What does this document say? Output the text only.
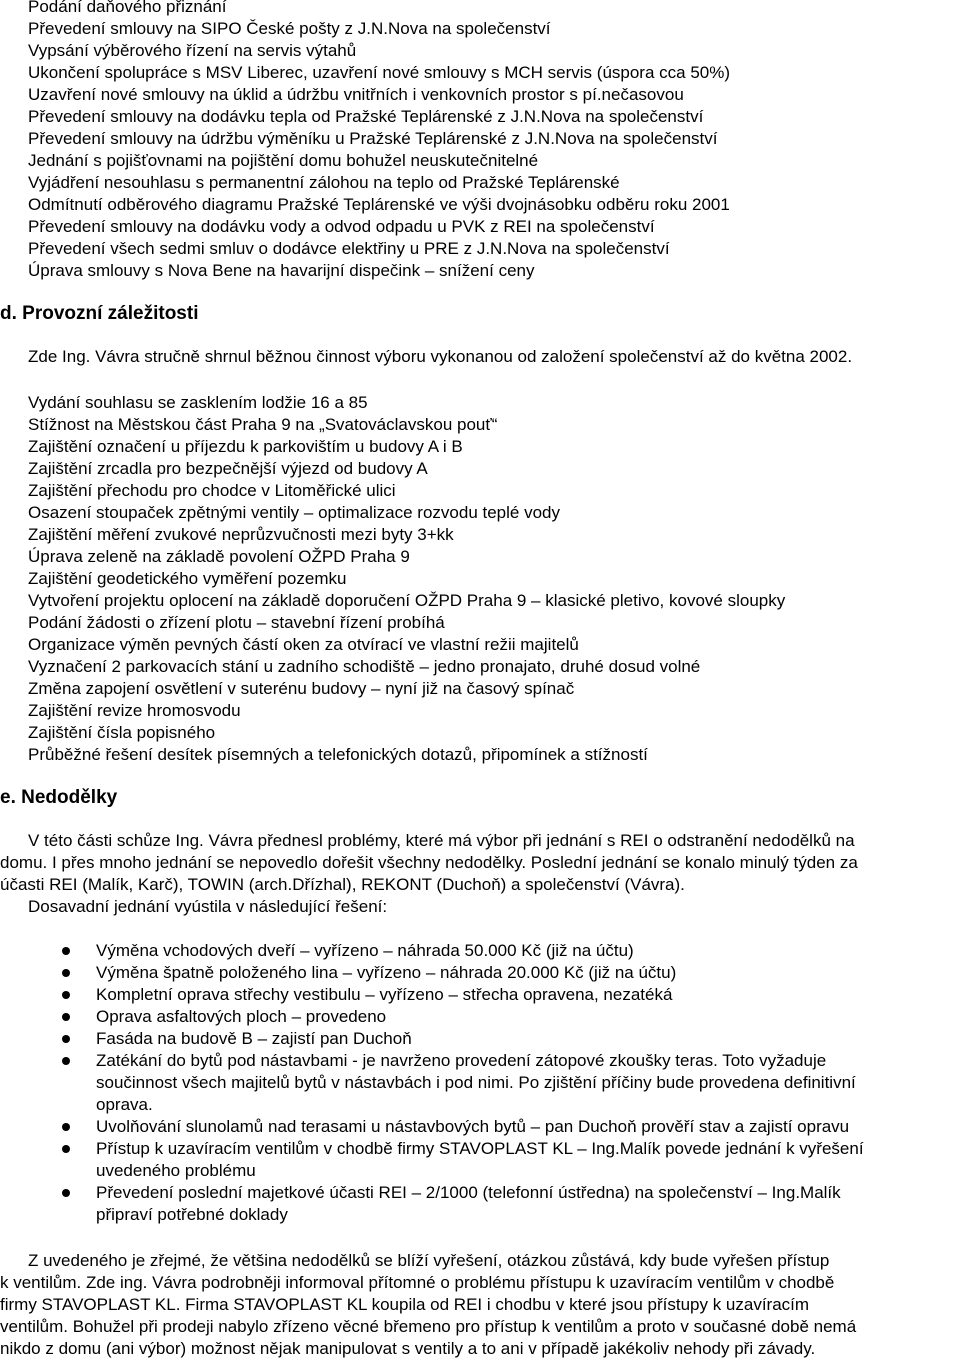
Podání daňového přiznání
Převedení smlouvy na SIPO České pošty z J.N.Nova na společenství
Vypsání výběrového řízení na servis výtahů
Ukončení spolupráce s MSV Liberec, uzavření nové smlouvy s MCH servis (úspora cca 50%)
Uzavření nové smlouvy na úklid a údržbu vnitřních i venkovních prostor s pí.nečasovou
Převedení smlouvy na dodávku tepla od Pražské Teplárenské z J.N.Nova na společenství
Převedení smlouvy na údržbu výměníku u Pražské Teplárenské z J.N.Nova na společenství
Jednání s pojišťovnami na pojištění domu bohužel neuskutečnitelné
Vyjádření nesouhlasu s permanentní zálohou na teplo od Pražské Teplárenské
Odmítnutí odběrového diagramu Pražské Teplárenské ve výši dvojnásobku odběru roku 2001
Převedení smlouvy na dodávku vody a odvod odpadu u PVK z REI na společenství
Převedení všech sedmi smluv o dodávce elektřiny u PRE z J.N.Nova na společenství
Úprava smlouvy s Nova Bene na havarijní dispečink – snížení ceny
d. Provozní záležitosti
Zde Ing. Vávra stručně shrnul běžnou činnost výboru vykonanou od založení společenství až do května 2002.
Vydání souhlasu se zasklením lodžie 16 a 85
Stížnost na Městskou část Praha 9 na „Svatováclavskou pouť“
Zajištění označení u příjezdu k parkovištím u budovy A i B
Zajištění zrcadla pro bezpečnější výjezd od budovy A
Zajištění přechodu pro chodce v Litoměřické ulici
Osazení stoupaček zpětnými ventily – optimalizace rozvodu teplé vody
Zajištění měření zvukové neprůzvučnosti mezi byty 3+kk
Úprava zeleně na základě povolení OŽPD Praha 9
Zajištění geodetického vyměření pozemku
Vytvoření projektu oplocení na základě doporučení OŽPD Praha 9 – klasické pletivo, kovové sloupky
Podání žádosti o zřízení plotu – stavební řízení probíhá
Organizace výměn pevných částí oken za otvírací ve vlastní režii majitelů
Vyznačení 2 parkovacích stání u zadního schodiště – jedno pronajato, druhé dosud volné
Změna zapojení osvětlení v suterénu budovy – nyní již na časový spínač
Zajištění revize hromosvodu
Zajištění čísla popisného
Průběžné řešení desítek písemných a telefonických dotazů, připomínek a stížností
e. Nedodělky
V této části schůze Ing. Vávra přednesl problémy, které má výbor při jednání s REI o odstranění nedodělků na
domu. I přes mnoho jednání se nepovedlo dořešit všechny nedodělky. Poslední jednání se konalo minulý týden za
účasti REI (Malík, Karč), TOWIN (arch.Dřízhal), REKONT (Duchoň) a společenství (Vávra).
Dosavadní jednání vyústila v následující řešení:
Výměna vchodových dveří – vyřízeno – náhrada 50.000 Kč (již na účtu)
Výměna špatně položeného lina – vyřízeno – náhrada 20.000 Kč (již na účtu)
Kompletní oprava střechy vestibulu – vyřízeno – střecha opravena, nezatéká
Oprava asfaltových ploch – provedeno
Fasáda na budově B – zajistí pan Duchoň
Zatékání do bytů pod nástavbami - je navrženo provedení zátopové zkoušky teras. Toto vyžaduje
součinnost všech majitelů bytů v nástavbách i pod nimi. Po zjištění příčiny bude provedena definitivní
oprava.
Uvolňování slunolamů nad terasami u nástavbových bytů – pan Duchoň prověří stav a zajistí opravu
Přístup k uzavíracím ventilům v chodbě firmy STAVOPLAST KL – Ing.Malík povede jednání k vyřešení
uvedeného problému
Převedení poslední majetkové účasti REI – 2/1000 (telefonní ústředna) na společenství – Ing.Malík
připraví potřebné doklady
Z uvedeného je zřejmé, že většina nedodělků se blíží vyřešení, otázkou zůstává, kdy bude vyřešen přístup
k ventilům. Zde ing. Vávra podrobněji informoval přítomné o problému přístupu k uzavíracím ventilům v chodbě
firmy STAVOPLAST KL. Firma STAVOPLAST KL koupila od REI i chodbu v které jsou přístupy k uzavíracím
ventilům. Bohužel při prodeji nabylo zřízeno věcné břemeno pro přístup k ventilům a proto v současné době nemá
nikdo z domu (ani výbor) možnost nějak manipulovat s ventily a to ani v případě jakékoliv nehody při závady.
